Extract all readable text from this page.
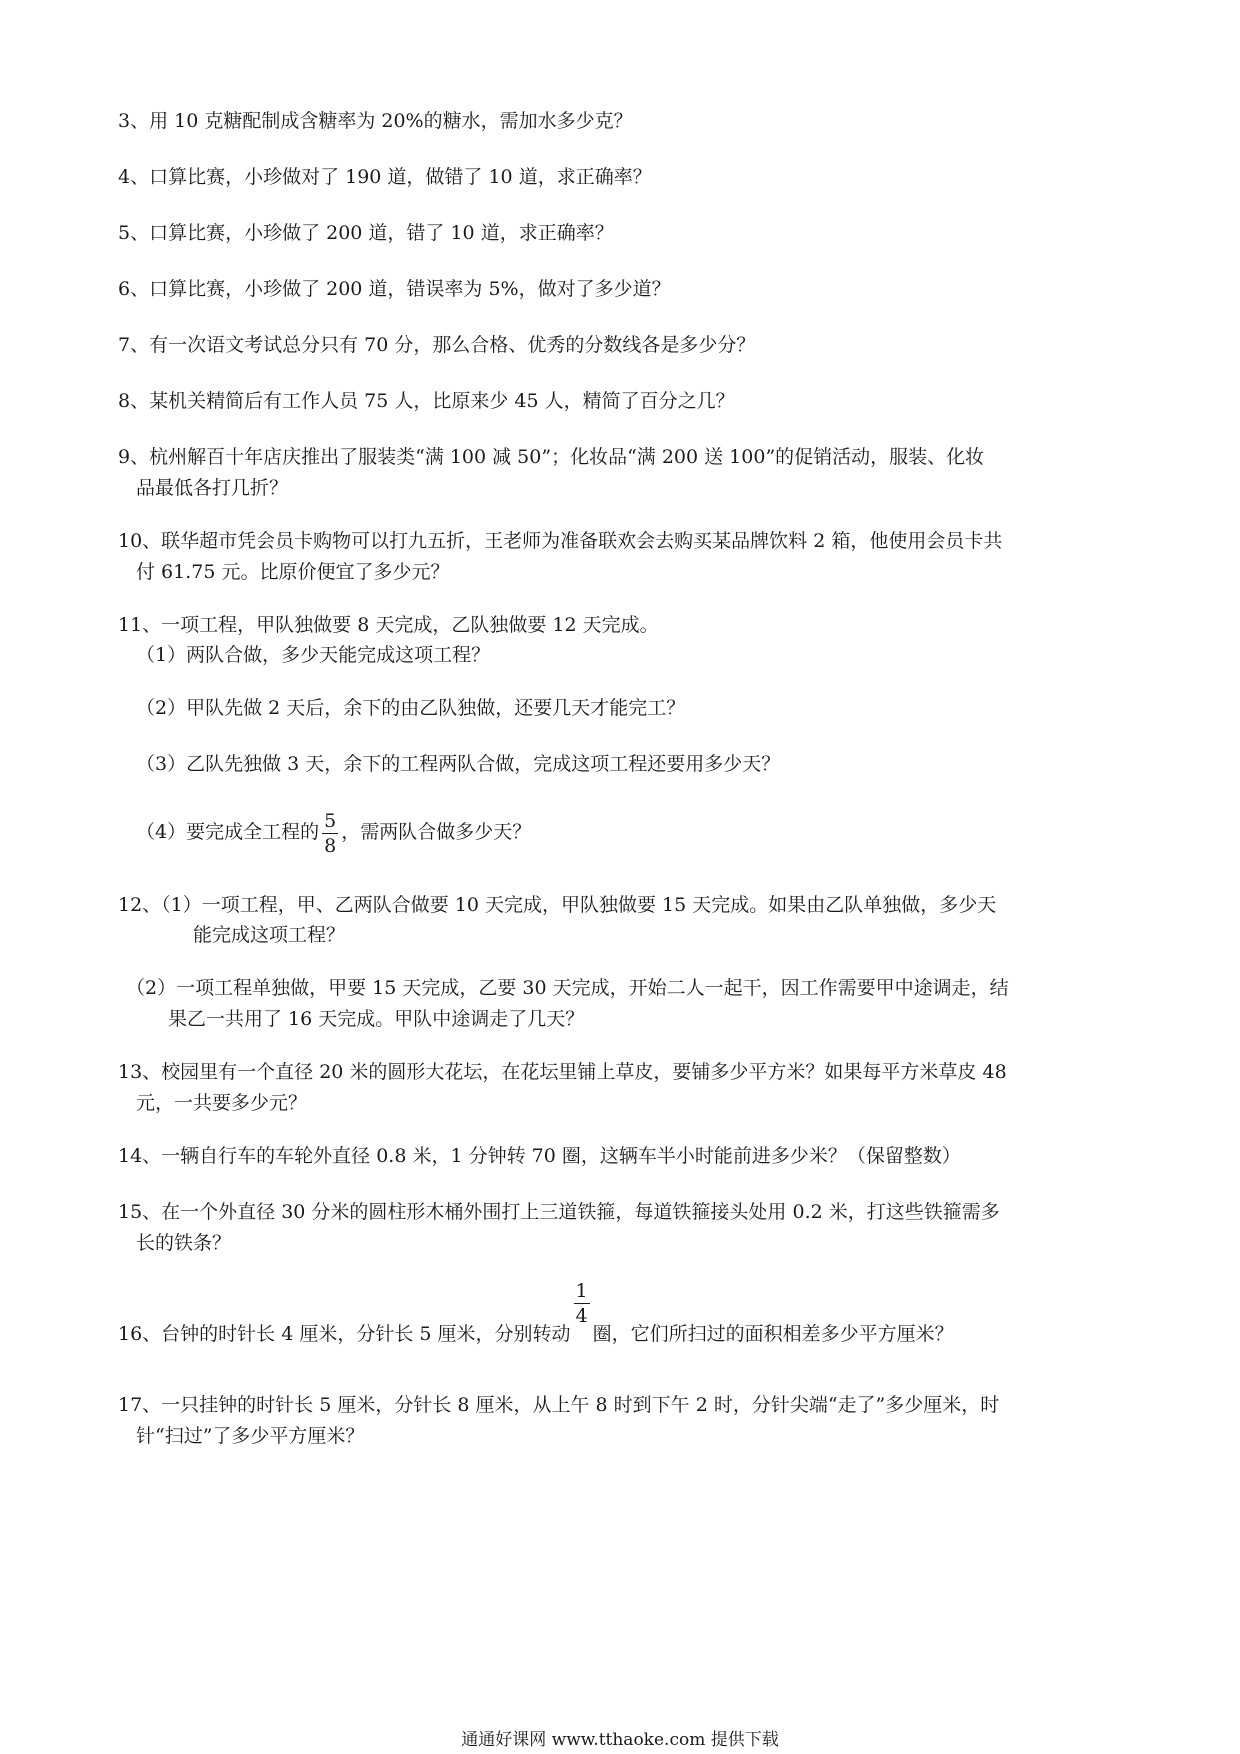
3、用 10 克糖配制成含糖率为 20%的糖水，需加水多少克？
4、口算比赛，小珍做对了 190 道，做错了 10 道，求正确率？
5、口算比赛，小珍做了 200 道，错了 10 道，求正确率？
6、口算比赛，小珍做了 200 道，错误率为 5%，做对了多少道？
7、有一次语文考试总分只有 70 分，那么合格、优秀的分数线各是多少分？
8、某机关精简后有工作人员 75 人，比原来少 45 人，精简了百分之几？
9、杭州解百十年店庆推出了服装类“满 100 减 50”；化妆品“满 200 送 100”的促销活动，服装、化妆
品最低各打几折？
10、联华超市凭会员卡购物可以打九五折，王老师为准备联欢会去购买某品牌饮料 2 箱，他使用会员卡共
付 61.75 元。比原价便宜了多少元？
11、一项工程，甲队独做要 8 天完成，乙队独做要 12 天完成。
（1）两队合做，多少天能完成这项工程？
（2）甲队先做 2 天后，余下的由乙队独做，还要几天才能完工？
（3）乙队先独做 3 天，余下的工程两队合做，完成这项工程还要用多少天？
（4）要完成全工程的 $\frac{5}{8}$ ，需两队合做多少天？
12、（1）一项工程，甲、乙两队合做要 10 天完成，甲队独做要 15 天完成。如果由乙队单独做，多少天
能完成这项工程？
（2）一项工程单独做，甲要 15 天完成，乙要 30 天完成，开始二人一起干，因工作需要甲中途调走，结
果乙一共用了 16 天完成。甲队中途调走了几天？
13、校园里有一个直径 20 米的圆形大花坛，在花坛里铺上草皮，要铺多少平方米？如果每平方米草皮 48
元，一共要多少元？
14、一辆自行车的车轮外直径 0.8 米，1 分钟转 70 圈，这辆车半小时能前进多少米？（保留整数）
15、在一个外直径 30 分米的圆柱形木桶外围打上三道铁箍，每道铁箍接头处用 0.2 米，打这些铁箍需多
长的铁条？
16、台钟的时针长 4 厘米，分针长 5 厘米，分别转动
$\frac{1}{4}$
圈，它们所扫过的面积相差多少平方厘米？
17、一只挂钟的时针长 5 厘米，分针长 8 厘米，从上午 8 时到下午 2 时，分针尖端“走了”多少厘米，时
针“扫过”了多少平方厘米？
通通好课网 www.tthaoke.com 提供下载
